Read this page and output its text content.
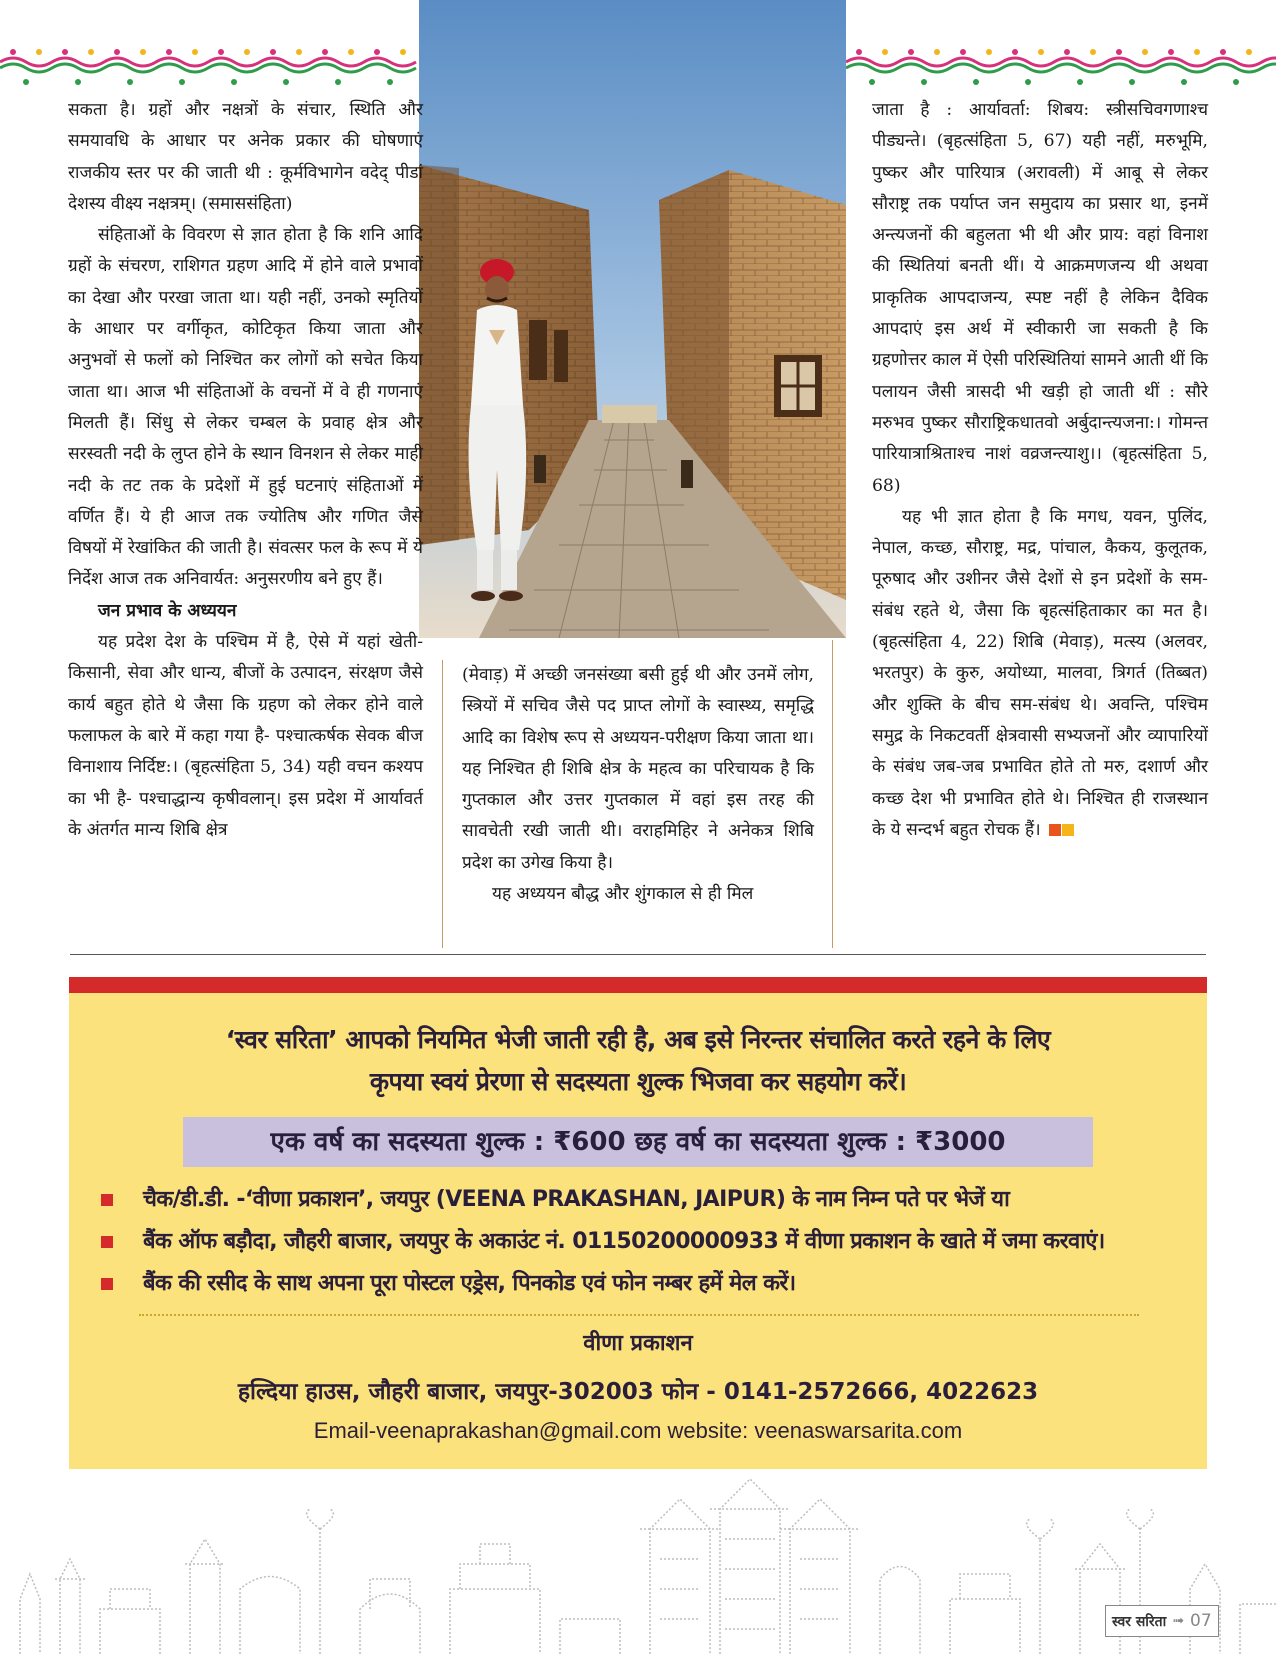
सकता है। ग्रहों और नक्षत्रों के संचार, स्थिति और समयावधि के आधार पर अनेक प्रकार की घोषणाएं राजकीय स्तर पर की जाती थी : कूर्मविभागेन वदेद् पीडां देशस्य वीक्ष्य नक्षत्रम्। (समाससंहिता)

संहिताओं के विवरण से ज्ञात होता है कि शनि आदि ग्रहों के संचरण, राशिगत ग्रहण आदि में होने वाले प्रभावों का देखा और परखा जाता था। यही नहीं, उनको स्मृतियों के आधार पर वर्गीकृत, कोटिकृत किया जाता और अनुभवों से फलों को निश्चित कर लोगों को सचेत किया जाता था। आज भी संहिताओं के वचनों में वे ही गणनाएं मिलती हैं। सिंधु से लेकर चम्बल के प्रवाह क्षेत्र और सरस्वती नदी के लुप्त होने के स्थान विनशन से लेकर माही नदी के तट तक के प्रदेशों में हुई घटनाएं संहिताओं में वर्णित हैं। ये ही आज तक ज्योतिष और गणित जैसे विषयों में रेखांकित की जाती है। संवत्सर फल के रूप में ये निर्देश आज तक अनिवार्यत: अनुसरणीय बने हुए हैं।

जन प्रभाव के अध्ययन

यह प्रदेश देश के पश्चिम में है, ऐसे में यहां खेती-किसानी, सेवा और धान्य, बीजों के उत्पादन, संरक्षण जैसे कार्य बहुत होते थे जैसा कि ग्रहण को लेकर होने वाले फलाफल के बारे में कहा गया है- पश्चात्कर्षक सेवक बीज विनाशाय निर्दिष्ट:। (बृहत्संहिता 5, 34) यही वचन कश्यप का भी है- पश्चाद्धान्य कृषीवलान्। इस प्रदेश में आर्यावर्त के अंतर्गत मान्य शिबि क्षेत्र

(मेवाड़) में अच्छी जनसंख्या बसी हुई थी और उनमें लोग, स्त्रियों में सचिव जैसे पद प्राप्त लोगों के स्वास्थ्य, समृद्धि आदि का विशेष रूप से अध्ययन-परीक्षण किया जाता था। यह निश्चित ही शिबि क्षेत्र के महत्व का परिचायक है कि गुप्तकाल और उत्तर गुप्तकाल में वहां इस तरह की सावचेती रखी जाती थी। वराहमिहिर ने अनेकत्र शिबि प्रदेश का उगेख किया है।

यह अध्ययन बौद्ध और शुंगकाल से ही मिल

जाता है : आर्यावर्ता: शिबय: स्त्रीसचिवगणाश्च पीड्यन्ते। (बृहत्संहिता 5, 67) यही नहीं, मरुभूमि, पुष्कर और पारियात्र (अरावली) में आबू से लेकर सौराष्ट्र तक पर्याप्त जन समुदाय का प्रसार था, इनमें अन्त्यजनों की बहुलता भी थी और प्राय: वहां विनाश की स्थितियां बनती थीं। ये आक्रमणजन्य थी अथवा प्राकृतिक आपदाजन्य, स्पष्ट नहीं है लेकिन दैविक आपदाएं इस अर्थ में स्वीकारी जा सकती है कि ग्रहणोत्तर काल में ऐसी परिस्थितियां सामने आती थीं कि पलायन जैसी त्रासदी भी खड़ी हो जाती थीं : सौरे मरुभव पुष्कर सौराष्ट्रिकधातवो अर्बुदान्त्यजना:। गोमन्त पारियात्राश्रिताश्च नाशं वव्रजन्त्याशु।। (बृहत्संहिता 5, 68)

यह भी ज्ञात होता है कि मगध, यवन, पुलिंद, नेपाल, कच्छ, सौराष्ट्र, मद्र, पांचाल, कैकय, कुलूतक, पूरुषाद और उशीनर जैसे देशों से इन प्रदेशों के सम-संबंध रहते थे, जैसा कि बृहत्संहिताकार का मत है। (बृहत्संहिता 4, 22) शिबि (मेवाड़), मत्स्य (अलवर, भरतपुर) के कुरु, अयोध्या, मालवा, त्रिगर्त (तिब्बत) और शुक्ति के बीच सम-संबंध थे। अवन्ति, पश्चिम समुद्र के निकटवर्ती क्षेत्रवासी सभ्यजनों और व्यापारियों के संबंध जब-जब प्रभावित होते तो मरु, दशार्ण और कच्छ देश भी प्रभावित होते थे। निश्चित ही राजस्थान के ये सन्दर्भ बहुत रोचक हैं।

‘स्वर सरिता’ आपको नियमित भेजी जाती रही है, अब इसे निरन्तर संचालित करते रहने के लिए
कृपया स्वयं प्रेरणा से सदस्यता शुल्क भिजवा कर सहयोग करें।
एक वर्ष का सदस्यता शुल्क : ₹600 छह वर्ष का सदस्यता शुल्क : ₹3000
चैक/डी.डी. -‘वीणा प्रकाशन’, जयपुर (VEENA PRAKASHAN, JAIPUR) के नाम निम्न पते पर भेजें या
बैंक ऑफ बड़ौदा, जौहरी बाजार, जयपुर के अकाउंट नं. 01150200000933 में वीणा प्रकाशन के खाते में जमा करवाएं।
बैंक की रसीद के साथ अपना पूरा पोस्टल एड्रेस, पिनकोड एवं फोन नम्बर हमें मेल करें।
वीणा प्रकाशन
हल्दिया हाउस, जौहरी बाजार, जयपुर-302003 फोन - 0141-2572666, 4022623
Email-veenaprakashan@gmail.com website: veenaswarsarita.com
स्वर सरिता ➟ 07
